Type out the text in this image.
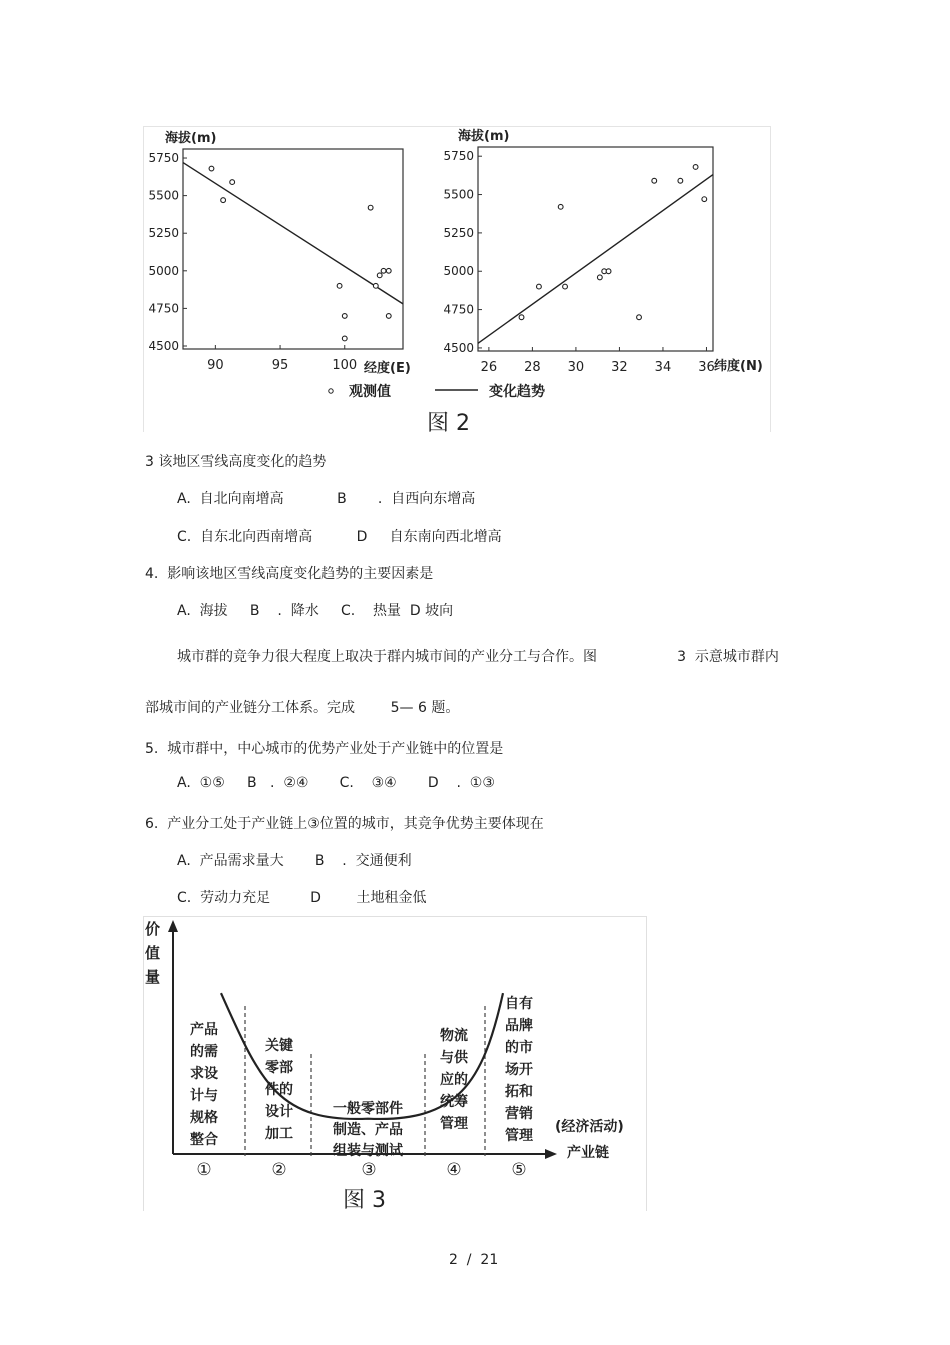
海拔(m)
5750
5500
5250
5000
4750
4500
90	95	100 经度(E)
海拔(m)
5750
5500
5250
5000
4750
4500
26 28 30 32 34 36 纬度(N)
观测值	变化趋势
图 2
3 该地区雪线高度变化的趋势
A.  自北向南增高            B       .  自西向东增高
C.  自东北向西南增高          D     自东南向西北增高
4.  影响该地区雪线高度变化趋势的主要因素是
A.  海拔     B    .  降水     C.    热量  D 坡向
城市群的竞争力很大程度上取决于群内城市间的产业分工与合作。图                  3  示意城市群内
部城市间的产业链分工体系。完成        5— 6 题。
5.  城市群中，中心城市的优势产业处于产业链中的位置是
A.  ①⑤     B   .  ②④       C.    ③④       D    .  ①③
6.  产业分工处于产业链上③位置的城市，其竞争优势主要体现在
A.  产品需求量大       B    .  交通便利
C.  劳动力充足         D        土地租金低
价
值
量
产品
的需
求设
计与
规格
整合
关键
零部
件的
设计
加工
一般零部件
制造、产品
组装与测试
物流
与供
应的
统筹
管理
自有
品牌
的市
场开
拓和
营销
管理
①	②	③	④	⑤
(经济活动)
产业链
图 3
2  /  21
